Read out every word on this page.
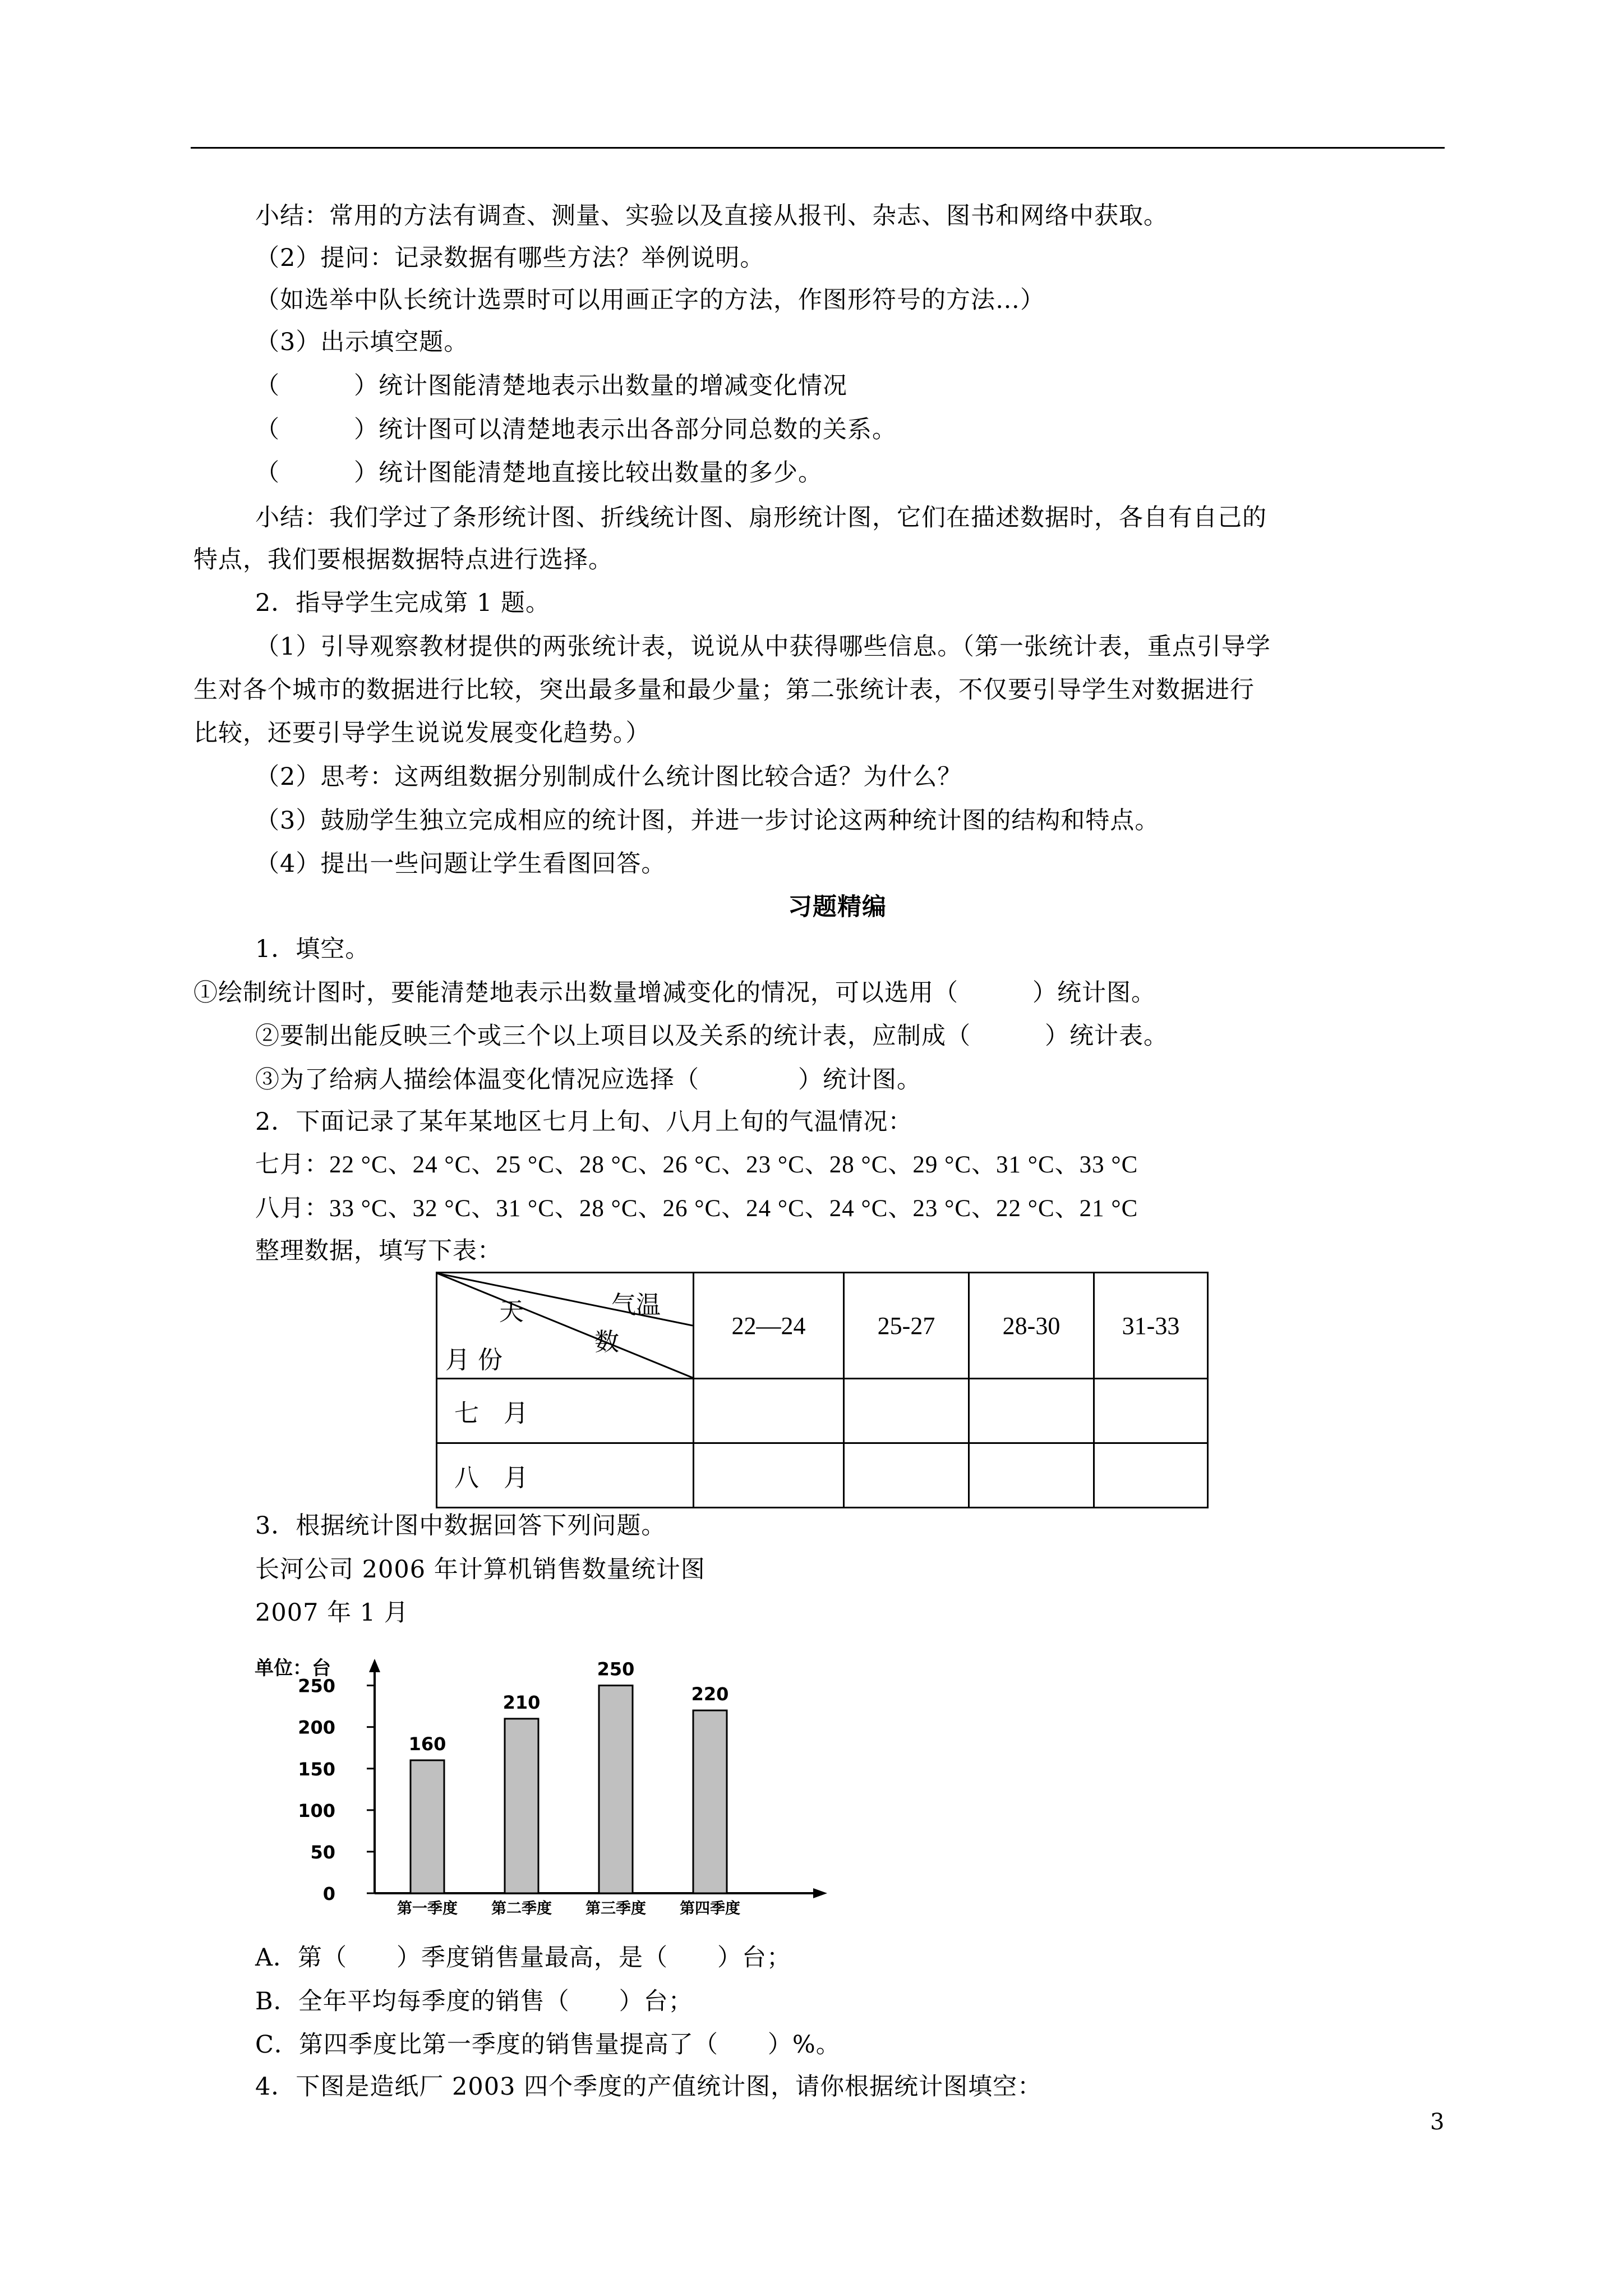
小结：常用的方法有调查、测量、实验以及直接从报刊、杂志、图书和网络中获取。
（2）提问：记录数据有哪些方法？举例说明。
（如选举中队长统计选票时可以用画正字的方法，作图形符号的方法…）
（3）出示填空题。
（　　　）统计图能清楚地表示出数量的增减变化情况
（　　　）统计图可以清楚地表示出各部分同总数的关系。
（　　　）统计图能清楚地直接比较出数量的多少。
小结：我们学过了条形统计图、折线统计图、扇形统计图，它们在描述数据时，各自有自己的
特点，我们要根据数据特点进行选择。
2．指导学生完成第 1 题。
（1）引导观察教材提供的两张统计表，说说从中获得哪些信息。（第一张统计表，重点引导学
生对各个城市的数据进行比较，突出最多量和最少量；第二张统计表，不仅要引导学生对数据进行
比较，还要引导学生说说发展变化趋势。）
（2）思考：这两组数据分别制成什么统计图比较合适？为什么？
（3）鼓励学生独立完成相应的统计图，并进一步讨论这两种统计图的结构和特点。
（4）提出一些问题让学生看图回答。
习题精编
1．填空。
①绘制统计图时，要能清楚地表示出数量增减变化的情况，可以选用（　　　）统计图。
②要制出能反映三个或三个以上项目以及关系的统计表，应制成（　　　）统计表。
③为了给病人描绘体温变化情况应选择（　　　　）统计图。
2．下面记录了某年某地区七月上旬、八月上旬的气温情况：
七月：22 °C、24 °C、25 °C、28 °C、26 °C、23 °C、28 °C、29 °C、31 °C、33 °C
八月：33 °C、32 °C、31 °C、28 °C、26 °C、24 °C、24 °C、23 °C、22 °C、21 °C
整理数据，填写下表：
气温
天
数
月 份	22—24	25-27	28-30	31-33
七　月				
八　月				
3．根据统计图中数据回答下列问题。
长河公司 2006 年计算机销售数量统计图
2007 年 1 月
单位：台
0
50
100
150
200
250
160
第一季度
210
第二季度
250
第三季度
220
第四季度
A．第（　　）季度销售量最高，是（　　）台；
B．全年平均每季度的销售（　　）台；
C．第四季度比第一季度的销售量提高了（　　）%。
4．下图是造纸厂 2003 四个季度的产值统计图，请你根据统计图填空：
3
